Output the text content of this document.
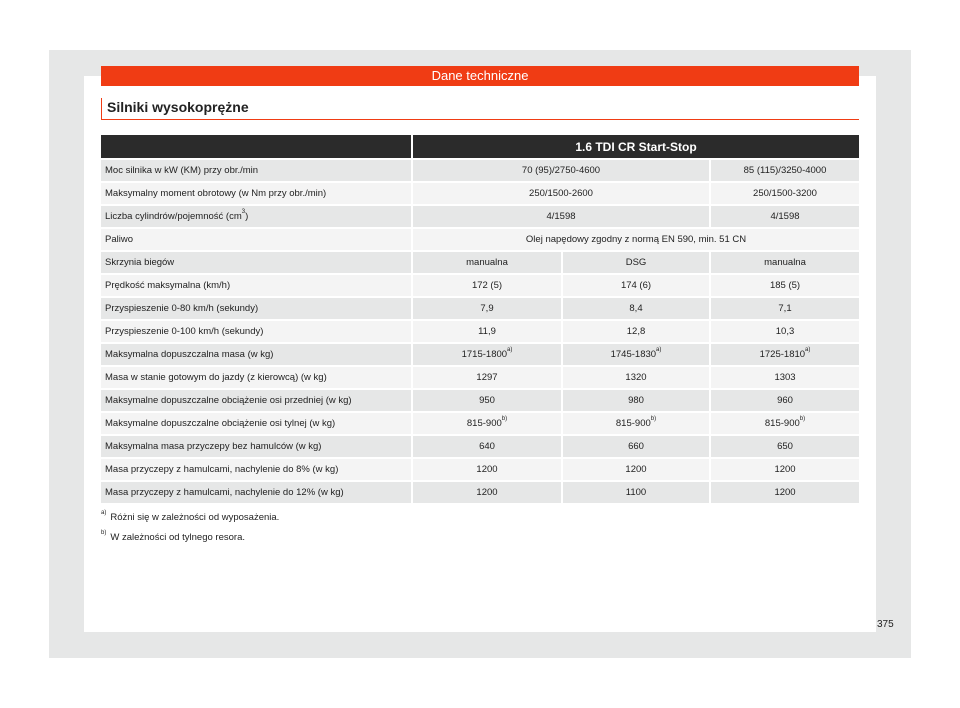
Dane techniczne
Silniki wysokoprężne
	1.6 TDI CR Start-Stop		
Moc silnika w kW (KM) przy obr./min	70 (95)/2750-4600		85 (115)/3250-4000
Maksymalny moment obrotowy (w Nm przy obr./min)	250/1500-2600		250/1500-3200
Liczba cylindrów/pojemność $(cm^3)$	4/1598		4/1598
Paliwo	Olej napędowy zgodny z normą EN 590, min. 51 CN		
Skrzynia biegów	manualna	DSG	manualna
Prędkość maksymalna (km/h)	172 (5)	174 (6)	185 (5)
Przyspieszenie 0-80 km/h (sekundy)	7,9	8,4	7,1
Przyspieszenie 0-100 km/h (sekundy)	11,9	12,8	10,3
Maksymalna dopuszczalna masa (w kg)	1715-1800$^{a)}$	1745-1830$^{a)}$	1725-1810$^{a)}$
Masa w stanie gotowym do jazdy (z kierowcą) (w kg)	1297	1320	1303
Maksymalne dopuszczalne obciążenie osi przedniej (w kg)	950	980	960
Maksymalne dopuszczalne obciążenie osi tylnej (w kg)	815-900$^{b)}$	815-900$^{b)}$	815-900$^{b)}$
Maksymalna masa przyczepy bez hamulców (w kg)	640	660	650
Masa przyczepy z hamulcami, nachylenie do 8% (w kg)	1200	1200	1200
Masa przyczepy z hamulcami, nachylenie do 12% (w kg)	1200	1100	1200
$^{a)}$ Różni się w zależności od wyposażenia.
$^{b)}$ W zależności od tylnego resora.
375
